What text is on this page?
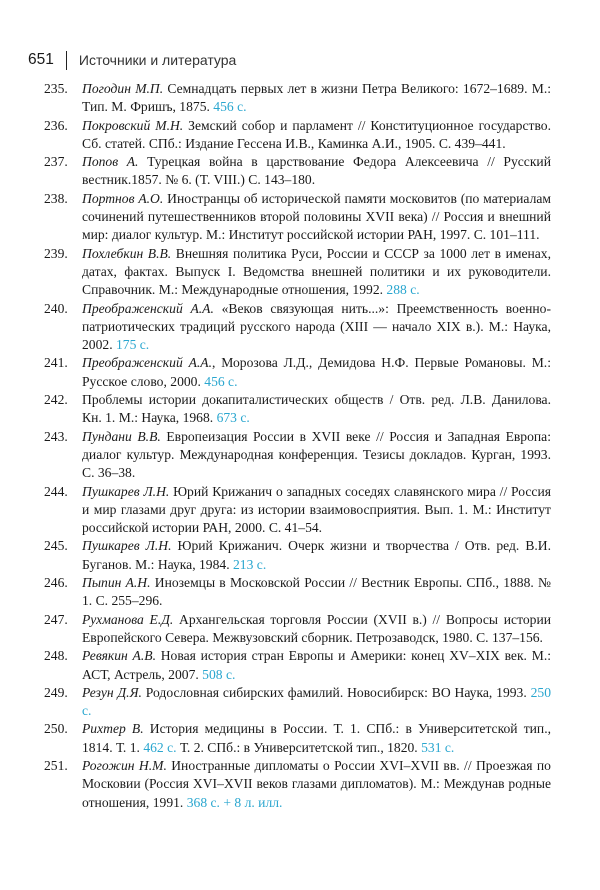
651 Источники и литература
235.	Погодин М.П. Семнадцать первых лет в жизни Петра Великого: 1672–1689. М.: Тип. М. Фришъ, 1875. 456 с.
236.	Покровский М.Н. Земский собор и парламент // Конституционное государство. Сб. статей. СПб.: Издание Гессена И.В., Каминка А.И., 1905. С. 439–441.
237.	Попов А. Турецкая война в царствование Федора Алексеевича // Русский вестник.1857. № 6. (T. VIII.) С. 143–180.
238.	Портнов А.О. Иностранцы об исторической памяти московитов (по материалам сочинений путешественников второй половины XVII века) // Россия и внешний мир: диалог культур. М.: Институт российской истории РАН, 1997. С. 101–111.
239.	Похлебкин В.В. Внешняя политика Руси, России и СССР за 1000 лет в именах, датах, фактах. Выпуск I. Ведомства внешней политики и их руководители. Справочник. М.: Международные отношения, 1992. 288 с.
240.	Преображенский А.А. «Веков связующая нить...»: Преемственность военно-патриотических традиций русского народа (XIII — начало XIX в.). М.: Наука, 2002. 175 с.
241.	Преображенский А.А., Морозова Л.Д., Демидова Н.Ф. Первые Романовы. М.: Русское слово, 2000. 456 с.
242.	Проблемы истории докапиталистических обществ / Отв. ред. Л.В. Данилова. Кн. 1. М.: Наука, 1968. 673 с.
243.	Пундани В.В. Европеизация России в XVII веке // Россия и Западная Европа: диалог культур. Международная конференция. Тезисы докладов. Курган, 1993. С. 36–38.
244.	Пушкарев Л.Н. Юрий Крижанич о западных соседях славянского мира // Россия и мир глазами друг друга: из истории взаимовосприятия. Вып. 1. М.: Институт российской истории РАН, 2000. С. 41–54.
245.	Пушкарев Л.Н. Юрий Крижанич. Очерк жизни и творчества / Отв. ред. В.И. Буганов. М.: Наука, 1984. 213 с.
246.	Пыпин А.Н. Иноземцы в Московской России // Вестник Европы. СПб., 1888. № 1. С. 255–296.
247.	Рухманова Е.Д. Архангельская торговля России (XVII в.) // Вопросы истории Европейского Севера. Межвузовский сборник. Петрозаводск, 1980. С. 137–156.
248.	Ревякин А.В. Новая история стран Европы и Америки: конец XV–XIX век. М.: АСТ, Астрель, 2007. 508 с.
249.	Резун Д.Я. Родословная сибирских фамилий. Новосибирск: ВО Наука, 1993. 250 с.
250.	Рихтер В. История медицины в России. Т. 1. СПб.: в Университетской тип., 1814. Т. 1. 462 с. Т. 2. СПб.: в Университетской тип., 1820. 531 с.
251.	Рогожин Н.М. Иностранные дипломаты о России XVI–XVII вв. // Проезжая по Московии (Россия XVI–XVII веков глазами дипломатов). М.: Междунав родные отношения, 1991. 368 с. + 8 л. илл.
